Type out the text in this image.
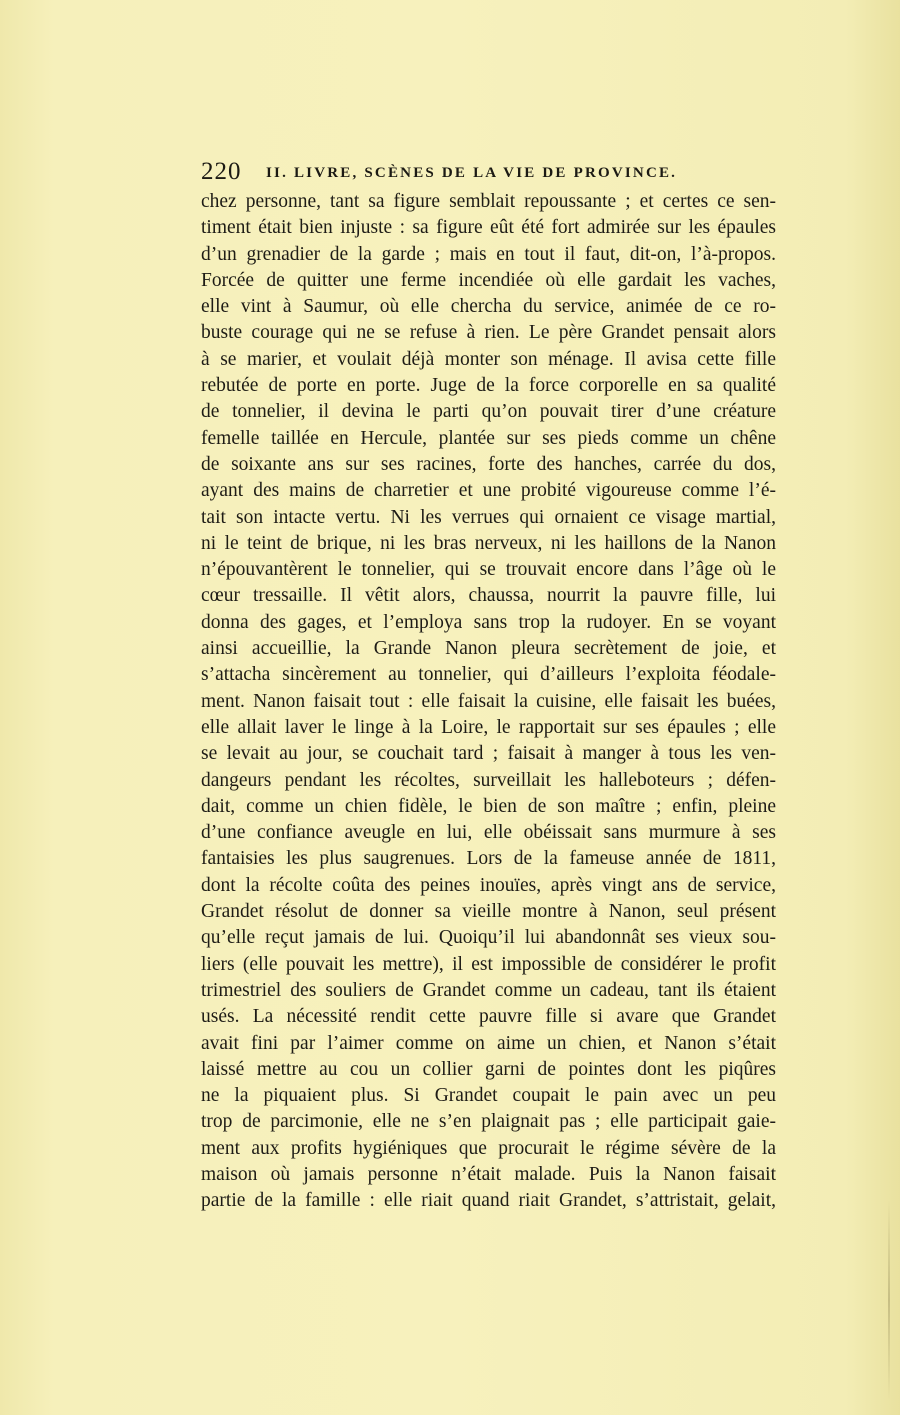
220 II. LIVRE, SCÈNES DE LA VIE DE PROVINCE.
chez personne, tant sa figure semblait repoussante ; et certes ce sen-
timent était bien injuste : sa figure eût été fort admirée sur les épaules
d’un grenadier de la garde ; mais en tout il faut, dit-on, l’à-propos.
Forcée de quitter une ferme incendiée où elle gardait les vaches,
elle vint à Saumur, où elle chercha du service, animée de ce ro-
buste courage qui ne se refuse à rien. Le père Grandet pensait alors
à se marier, et voulait déjà monter son ménage. Il avisa cette fille
rebutée de porte en porte. Juge de la force corporelle en sa qualité
de tonnelier, il devina le parti qu’on pouvait tirer d’une créature
femelle taillée en Hercule, plantée sur ses pieds comme un chêne
de soixante ans sur ses racines, forte des hanches, carrée du dos,
ayant des mains de charretier et une probité vigoureuse comme l’é-
tait son intacte vertu. Ni les verrues qui ornaient ce visage martial,
ni le teint de brique, ni les bras nerveux, ni les haillons de la Nanon
n’épouvantèrent le tonnelier, qui se trouvait encore dans l’âge où le
cœur tressaille. Il vêtit alors, chaussa, nourrit la pauvre fille, lui
donna des gages, et l’employa sans trop la rudoyer. En se voyant
ainsi accueillie, la Grande Nanon pleura secrètement de joie, et
s’attacha sincèrement au tonnelier, qui d’ailleurs l’exploita féodale-
ment. Nanon faisait tout : elle faisait la cuisine, elle faisait les buées,
elle allait laver le linge à la Loire, le rapportait sur ses épaules ; elle
se levait au jour, se couchait tard ; faisait à manger à tous les ven-
dangeurs pendant les récoltes, surveillait les halleboteurs ; défen-
dait, comme un chien fidèle, le bien de son maître ; enfin, pleine
d’une confiance aveugle en lui, elle obéissait sans murmure à ses
fantaisies les plus saugrenues. Lors de la fameuse année de 1811,
dont la récolte coûta des peines inouïes, après vingt ans de service,
Grandet résolut de donner sa vieille montre à Nanon, seul présent
qu’elle reçut jamais de lui. Quoiqu’il lui abandonnât ses vieux sou-
liers (elle pouvait les mettre), il est impossible de considérer le profit
trimestriel des souliers de Grandet comme un cadeau, tant ils étaient
usés. La nécessité rendit cette pauvre fille si avare que Grandet
avait fini par l’aimer comme on aime un chien, et Nanon s’était
laissé mettre au cou un collier garni de pointes dont les piqûres
ne la piquaient plus. Si Grandet coupait le pain avec un peu
trop de parcimonie, elle ne s’en plaignait pas ; elle participait gaie-
ment aux profits hygiéniques que procurait le régime sévère de la
maison où jamais personne n’était malade. Puis la Nanon faisait
partie de la famille : elle riait quand riait Grandet, s’attristait, gelait,
